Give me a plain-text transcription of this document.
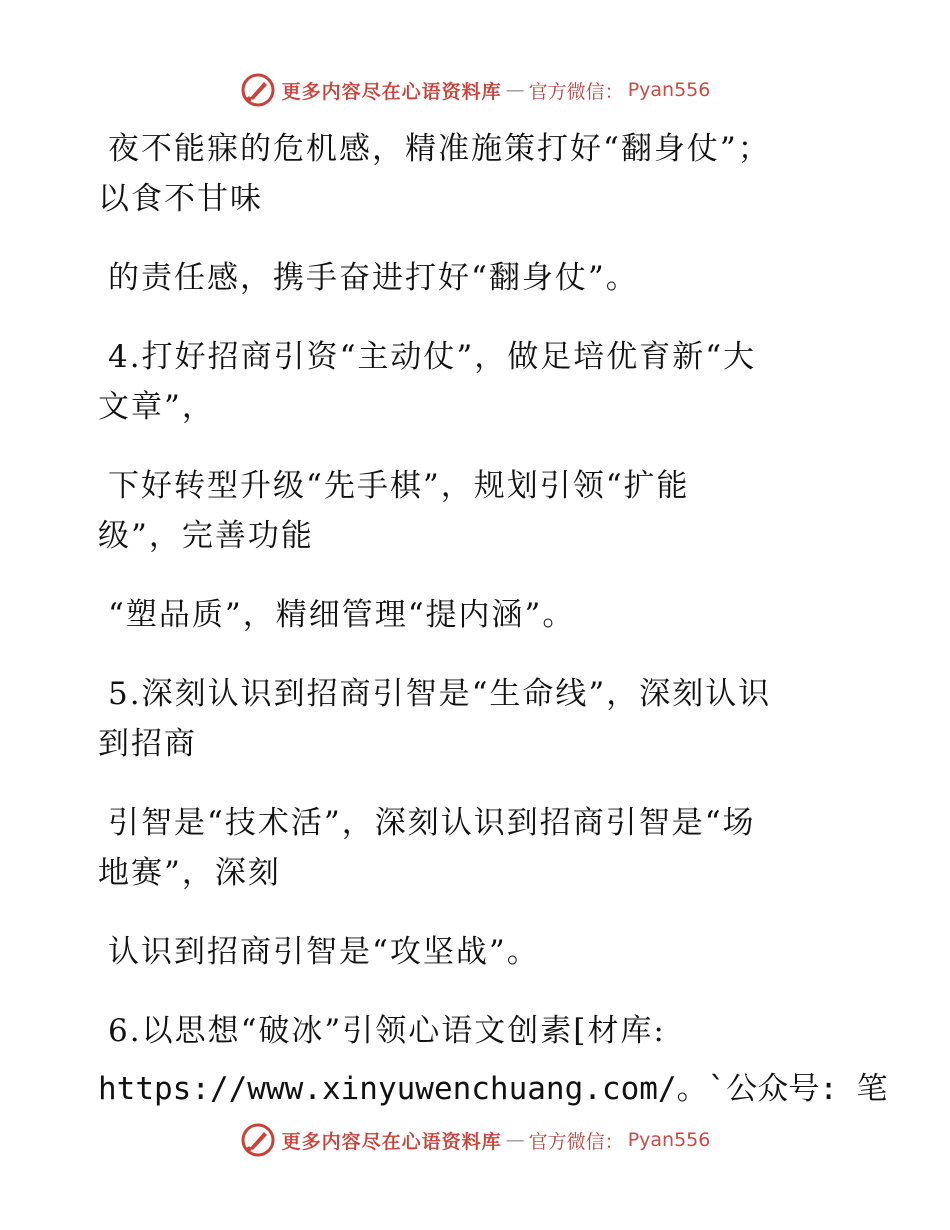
更多内容尽在心语资料库 — 官方微信： Pyan556

夜不能寐的危机感，精准施策打好“翻身仗”；
以食不甘味

的责任感，携手奋进打好“翻身仗”。

4.打好招商引资“主动仗”，做足培优育新“大
文章”，

下好转型升级“先手棋”，规划引领“扩能
级”，完善功能

“塑品质”，精细管理“提内涵”。

5.深刻认识到招商引智是“生命线”，深刻认识
到招商

引智是“技术活”，深刻认识到招商引智是“场
地赛”，深刻

认识到招商引智是“攻坚战”。

6.以思想“破冰”引领心语文创素[材库:
https://www.xinyuwenchuang.com/。`公众号: 笔

更多内容尽在心语资料库 — 官方微信： Pyan556
